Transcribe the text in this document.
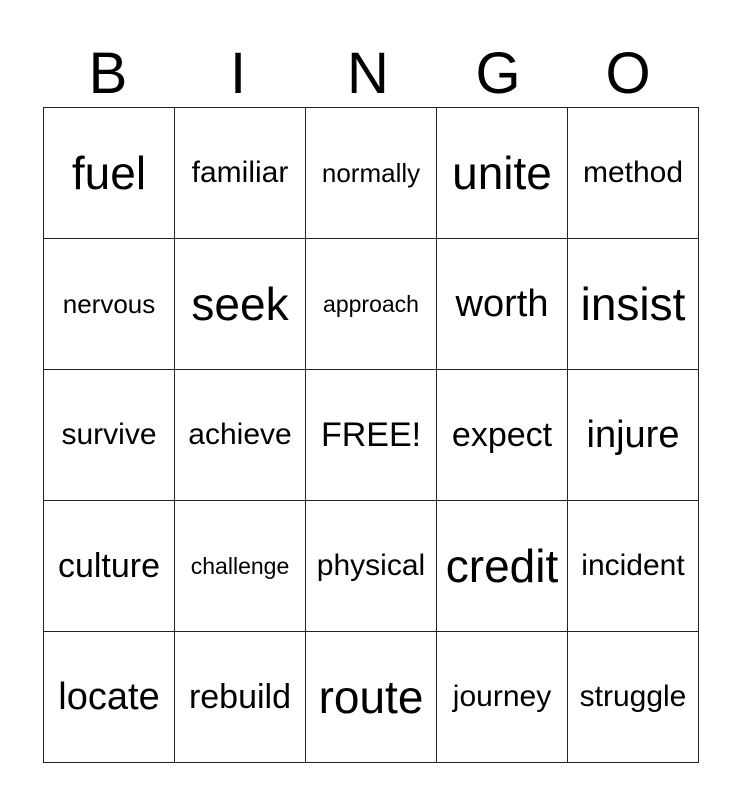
B	I	N	G	O
fuel	familiar	normally	unite	method
nervous	seek	approach	worth	insist
survive	achieve	FREE!	expect	injure
culture	challenge	physical	credit	incident
locate	rebuild	route	journey	struggle
